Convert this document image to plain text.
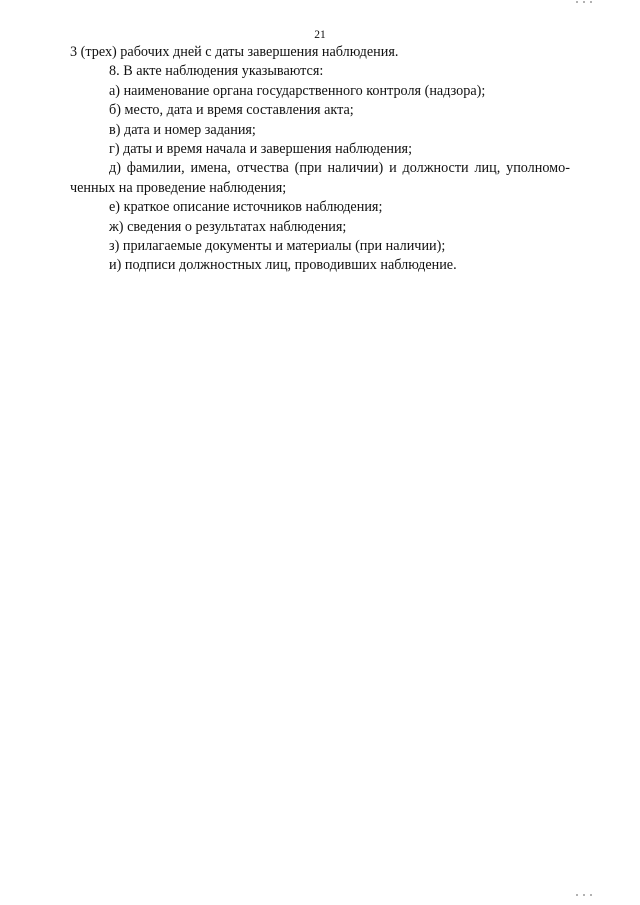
21
3 (трех) рабочих дней с даты завершения наблюдения.
8. В акте наблюдения указываются:
а) наименование органа государственного контроля (надзора);
б) место, дата и время составления акта;
в) дата и номер задания;
г) даты и время начала и завершения наблюдения;
д) фамилии, имена, отчества (при наличии) и должности лиц, уполномо-
ченных на проведение наблюдения;
е) краткое описание источников наблюдения;
ж) сведения о результатах наблюдения;
з) прилагаемые документы и материалы (при наличии);
и) подписи должностных лиц, проводивших наблюдение.
